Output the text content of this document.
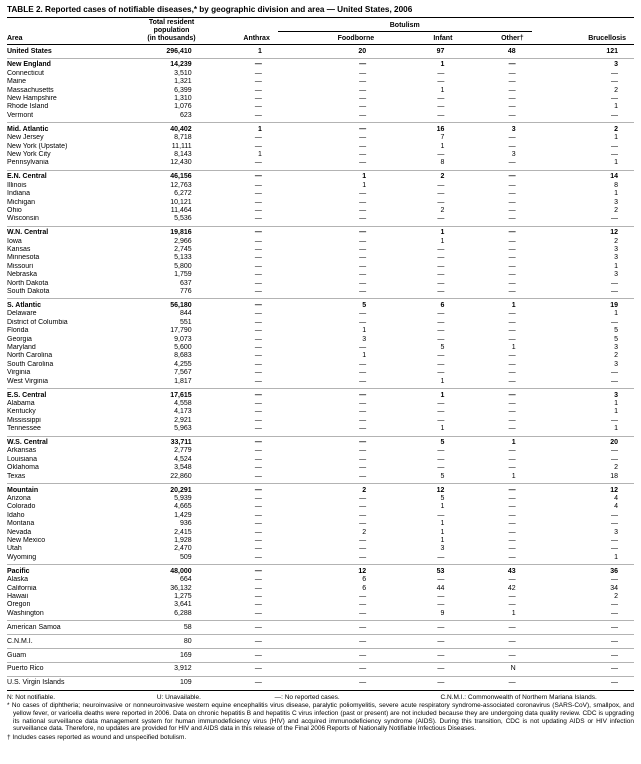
TABLE 2. Reported cases of notifiable diseases,* by geographic division and area — United States, 2006
Area	Total resident
population
(in thousands)	Anthrax	Botulism			Brucellosis
			Foodborne	Infant	Other†	
United States	296,410	1	20	97	48	121
New England	14,239	—	—	1	—	3
Connecticut	3,510	—	—	—	—	—
Maine	1,321	—	—	—	—	—
Massachusetts	6,399	—	—	1	—	2
New Hampshire	1,310	—	—	—	—	—
Rhode Island	1,076	—	—	—	—	1
Vermont	623	—	—	—	—	—
Mid. Atlantic	40,402	1	—	16	3	2
New Jersey	8,718	—	—	7	—	1
New York (Upstate)	11,111	—	—	1	—	—
New York City	8,143	1	—	—	3	—
Pennsylvania	12,430	—	—	8	—	1
E.N. Central	46,156	—	1	2	—	14
Illinois	12,763	—	1	—	—	8
Indiana	6,272	—	—	—	—	1
Michigan	10,121	—	—	—	—	3
Ohio	11,464	—	—	2	—	2
Wisconsin	5,536	—	—	—	—	—
W.N. Central	19,816	—	—	1	—	12
Iowa	2,966	—	—	1	—	2
Kansas	2,745	—	—	—	—	3
Minnesota	5,133	—	—	—	—	3
Missouri	5,800	—	—	—	—	1
Nebraska	1,759	—	—	—	—	3
North Dakota	637	—	—	—	—	—
South Dakota	776	—	—	—	—	—
S. Atlantic	56,180	—	5	6	1	19
Delaware	844	—	—	—	—	1
District of Columbia	551	—	—	—	—	—
Florida	17,790	—	1	—	—	5
Georgia	9,073	—	3	—	—	5
Maryland	5,600	—	—	5	1	3
North Carolina	8,683	—	1	—	—	2
South Carolina	4,255	—	—	—	—	3
Virginia	7,567	—	—	—	—	—
West Virginia	1,817	—	—	1	—	—
E.S. Central	17,615	—	—	1	—	3
Alabama	4,558	—	—	—	—	1
Kentucky	4,173	—	—	—	—	1
Mississippi	2,921	—	—	—	—	—
Tennessee	5,963	—	—	1	—	1
W.S. Central	33,711	—	—	5	1	20
Arkansas	2,779	—	—	—	—	—
Louisiana	4,524	—	—	—	—	—
Oklahoma	3,548	—	—	—	—	2
Texas	22,860	—	—	5	1	18
Mountain	20,291	—	2	12	—	12
Arizona	5,939	—	—	5	—	4
Colorado	4,665	—	—	1	—	4
Idaho	1,429	—	—	—	—	—
Montana	936	—	—	1	—	—
Nevada	2,415	—	2	1	—	3
New Mexico	1,928	—	—	1	—	—
Utah	2,470	—	—	3	—	—
Wyoming	509	—	—	—	—	1
Pacific	48,000	—	12	53	43	36
Alaska	664	—	6	—	—	—
California	36,132	—	6	44	42	34
Hawaii	1,275	—	—	—	—	2
Oregon	3,641	—	—	—	—	—
Washington	6,288	—	—	9	1	—
American Samoa	58	—	—	—	—	—
C.N.M.I.	80	—	—	—	—	—
Guam	169	—	—	—	—	—
Puerto Rico	3,912	—	—	—	N	—
U.S. Virgin Islands	109	—	—	—	—	—
N: Not notifiable.	U: Unavailable.	—: No reported cases.	C.N.M.I.: Commonwealth of Northern Mariana Islands.
* No cases of diphtheria; neuroinvasive or nonneuroinvasive western equine encephalitis virus disease, paralytic poliomyelitis, severe acute respiratory syndrome-associated coronavirus (SARS-CoV), smallpox, and yellow fever, or varicella deaths were reported in 2006. Data on chronic hepatitis B and hepatitis C virus infection (past or present) are not included because they are undergoing data quality review. CDC is upgrading its national surveillance data management system for human immunodeficiency virus (HIV) and acquired immunodeficiency syndrome (AIDS). During this transition, CDC is not updating AIDS or HIV infection surveillance data. Therefore, no updates are provided for HIV and AIDS data in this release of the Final 2006 Reports of Nationally Notifiable Infectious Diseases.
† Includes cases reported as wound and unspecified botulism.
